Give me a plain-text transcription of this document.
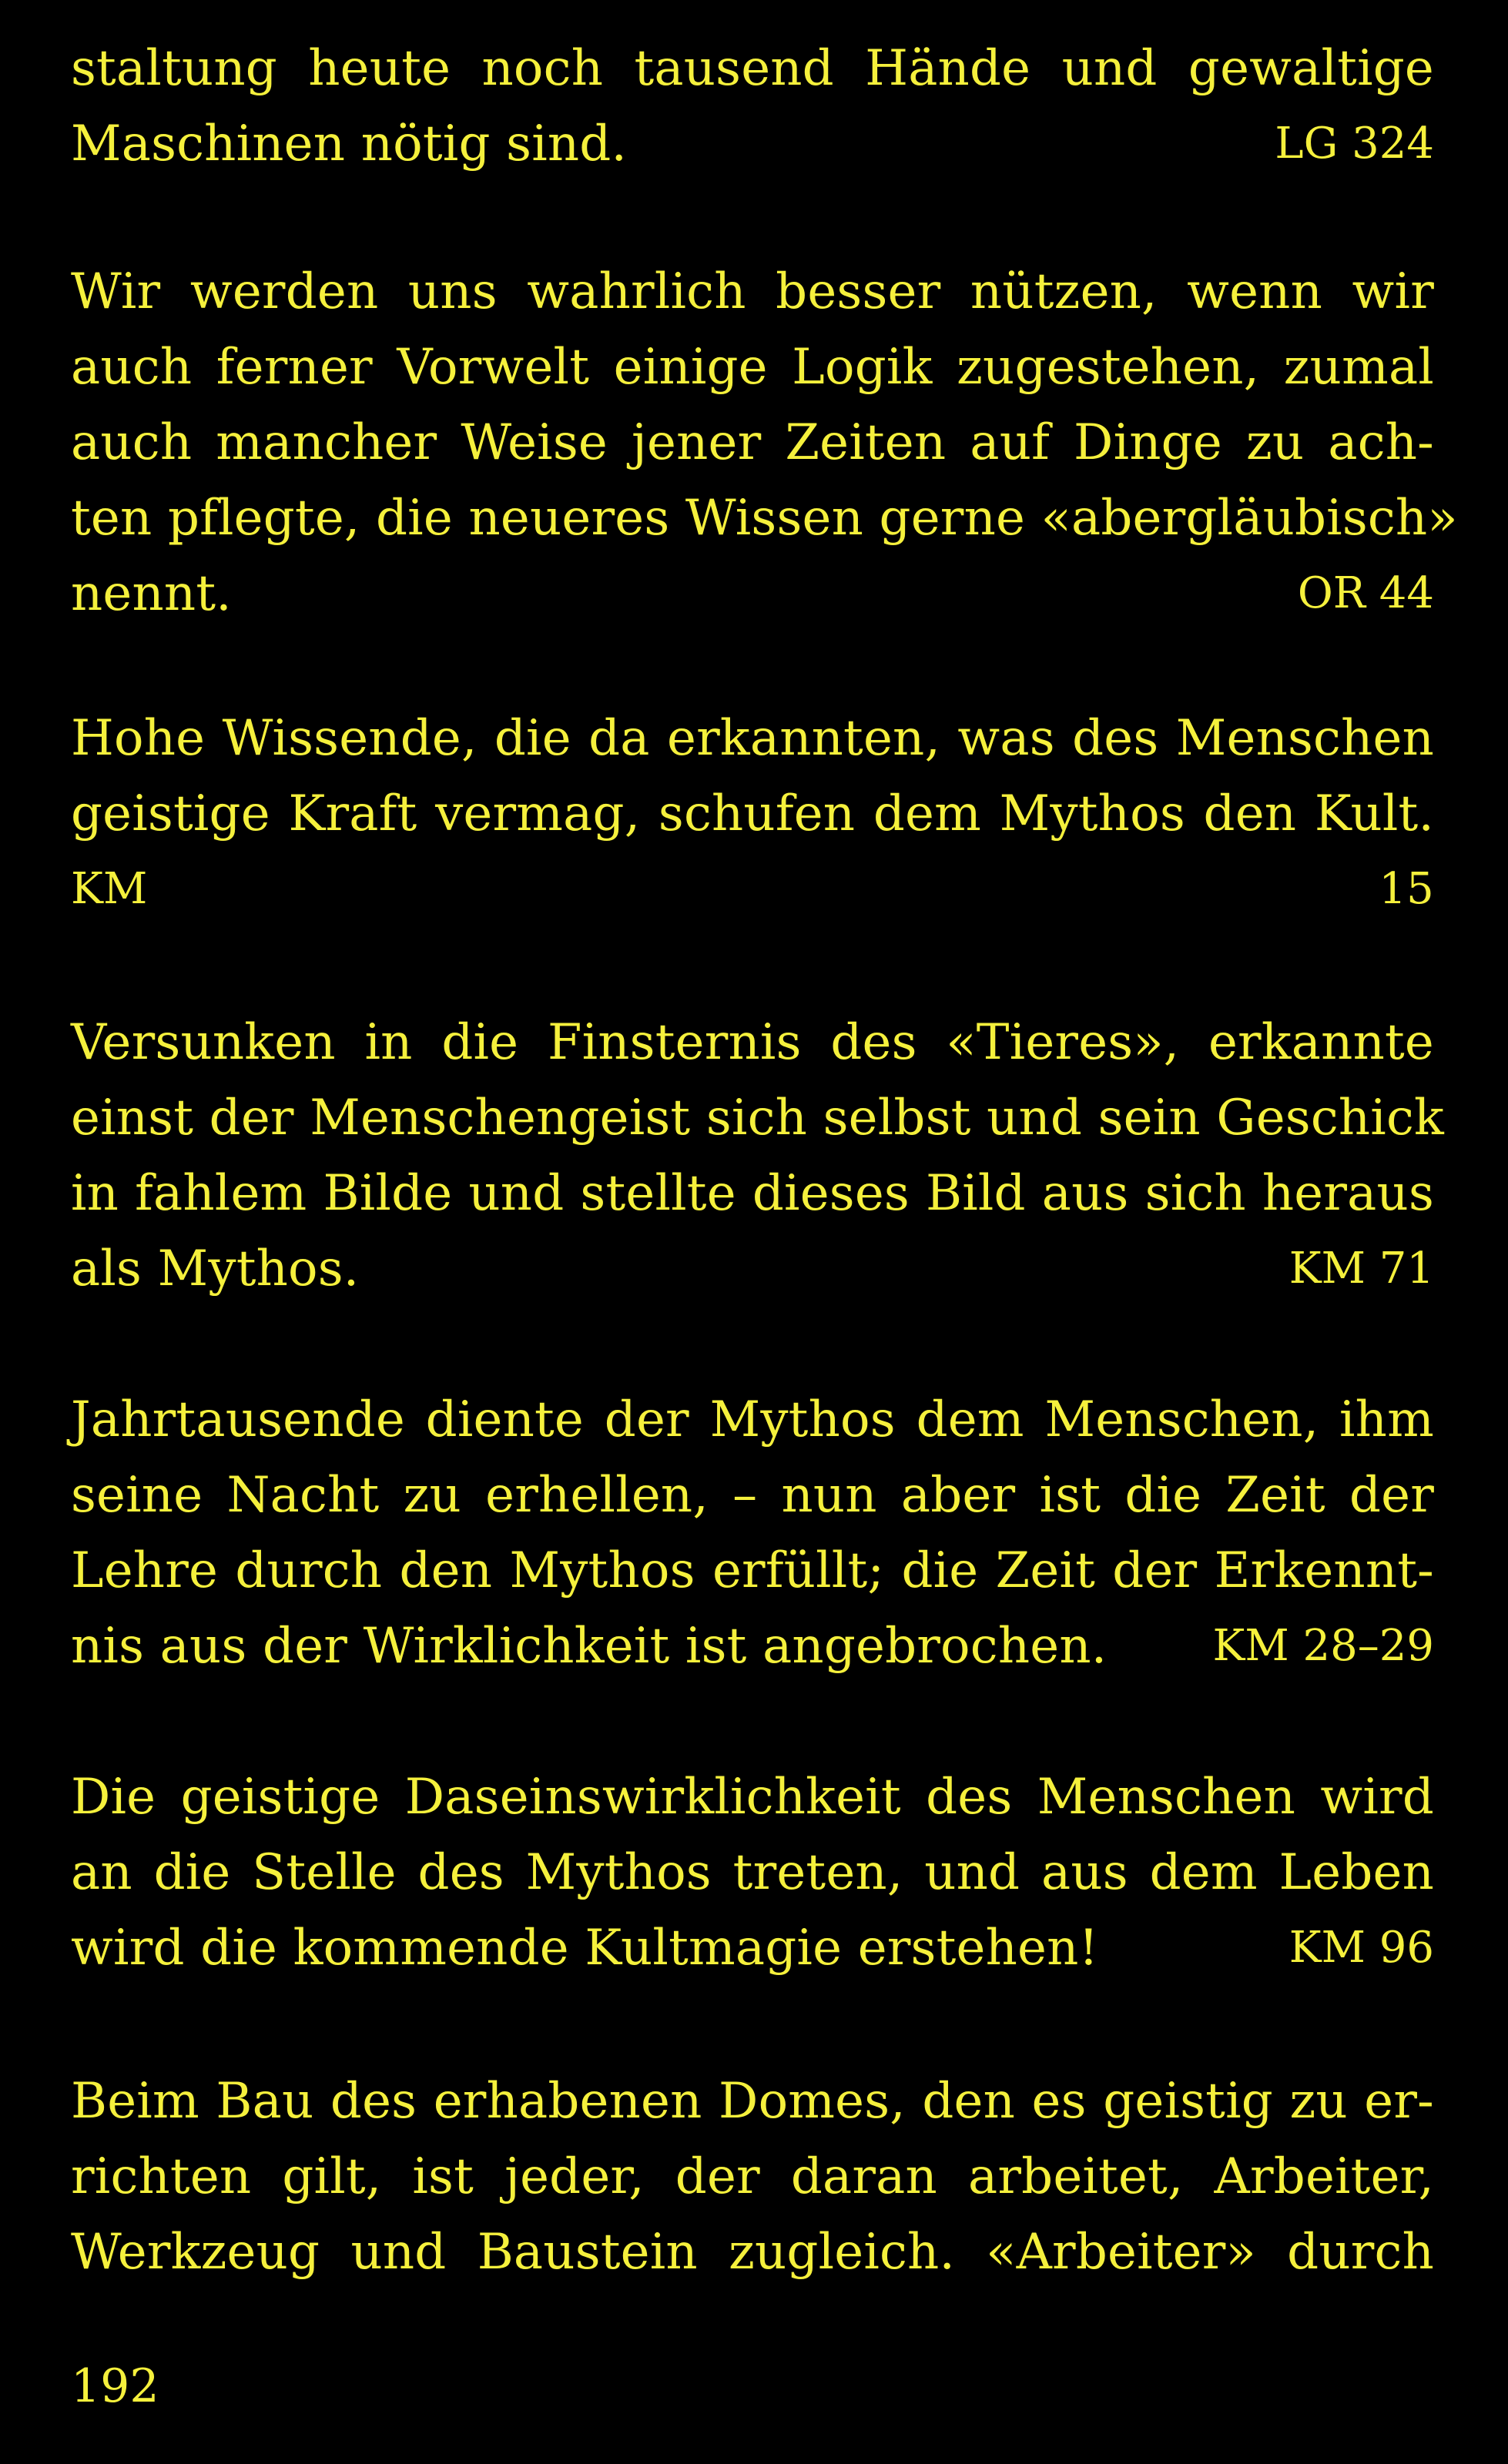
staltung heute noch tausend Hände und gewaltige
Maschinen nötig sind.	LG 324
Wir werden uns wahrlich besser nützen, wenn wir
auch ferner Vorwelt einige Logik zugestehen, zumal
auch mancher Weise jener Zeiten auf Dinge zu ach-
ten pflegte, die neueres Wissen gerne «abergläubisch»
nennt.	OR 44
Hohe Wissende, die da erkannten, was des Menschen
geistige Kraft vermag, schufen dem Mythos den Kult.
KM 15
Versunken in die Finsternis des «Tieres», erkannte
einst der Menschengeist sich selbst und sein Geschick
in fahlem Bilde und stellte dieses Bild aus sich heraus
als Mythos.	KM 71
Jahrtausende diente der Mythos dem Menschen, ihm
seine Nacht zu erhellen, – nun aber ist die Zeit der
Lehre durch den Mythos erfüllt; die Zeit der Erkennt-
nis aus der Wirklichkeit ist angebrochen. KM 28–29
Die geistige Daseinswirklichkeit des Menschen wird
an die Stelle des Mythos treten, und aus dem Leben
wird die kommende Kultmagie erstehen!	KM 96
Beim Bau des erhabenen Domes, den es geistig zu er-
richten gilt, ist jeder, der daran arbeitet, Arbeiter,
Werkzeug und Baustein zugleich. «Arbeiter» durch
192
